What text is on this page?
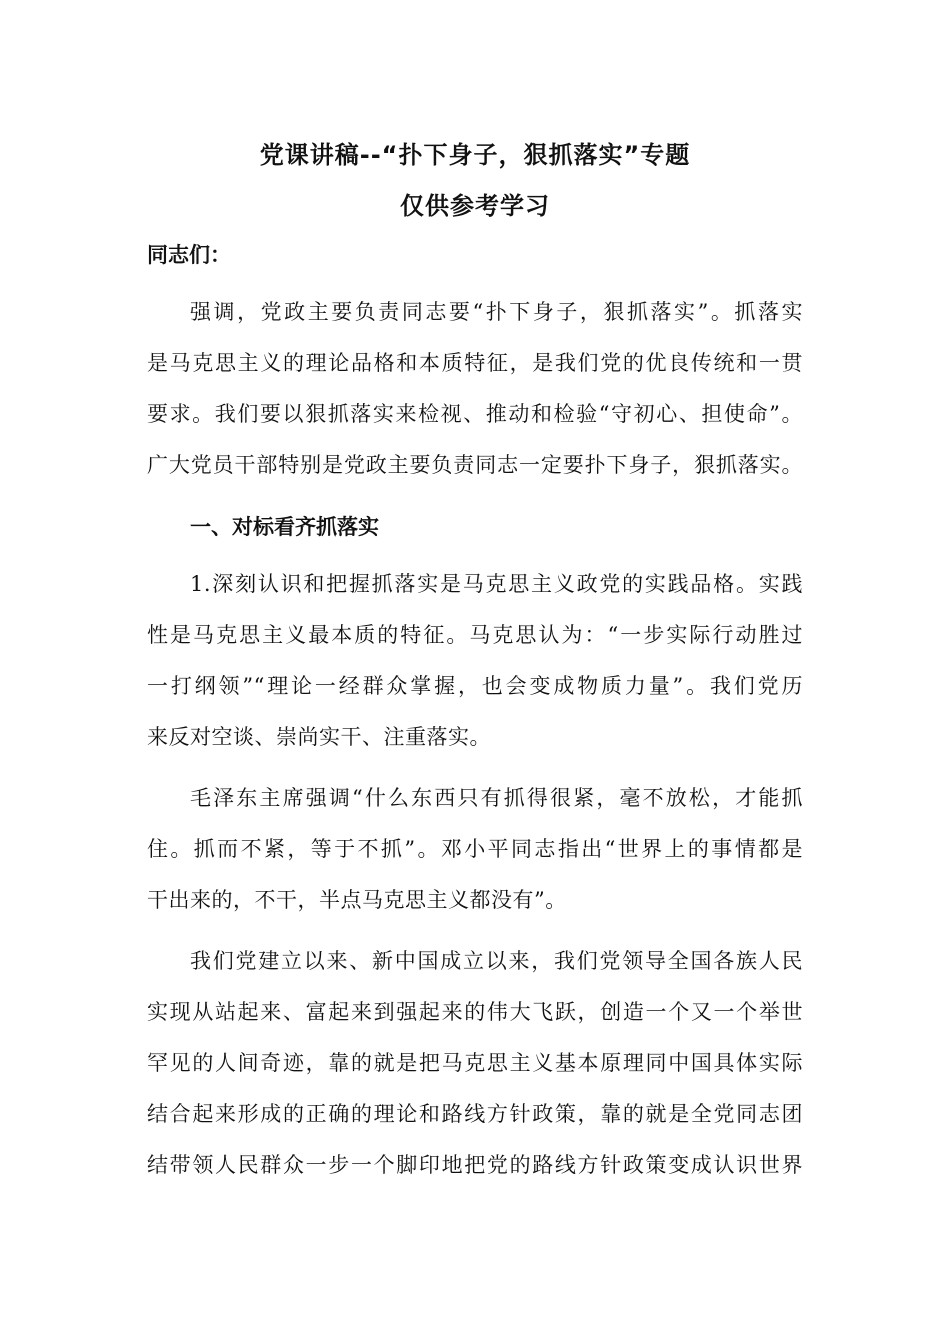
党课讲稿--“扑下身子，狠抓落实”专题
仅供参考学习
同志们：
强调，党政主要负责同志要“扑下身子，狠抓落实”。抓落实
是马克思主义的理论品格和本质特征，是我们党的优良传统和一贯
要求。我们要以狠抓落实来检视、推动和检验“守初心、担使命”。
广大党员干部特别是党政主要负责同志一定要扑下身子，狠抓落实。
一、对标看齐抓落实
1.深刻认识和把握抓落实是马克思主义政党的实践品格。实践
性是马克思主义最本质的特征。马克思认为：“一步实际行动胜过
一打纲领”“理论一经群众掌握，也会变成物质力量”。我们党历
来反对空谈、崇尚实干、注重落实。
毛泽东主席强调“什么东西只有抓得很紧，毫不放松，才能抓
住。抓而不紧，等于不抓”。邓小平同志指出“世界上的事情都是
干出来的，不干，半点马克思主义都没有”。
我们党建立以来、新中国成立以来，我们党领导全国各族人民
实现从站起来、富起来到强起来的伟大飞跃，创造一个又一个举世
罕见的人间奇迹，靠的就是把马克思主义基本原理同中国具体实际
结合起来形成的正确的理论和路线方针政策，靠的就是全党同志团
结带领人民群众一步一个脚印地把党的路线方针政策变成认识世界
